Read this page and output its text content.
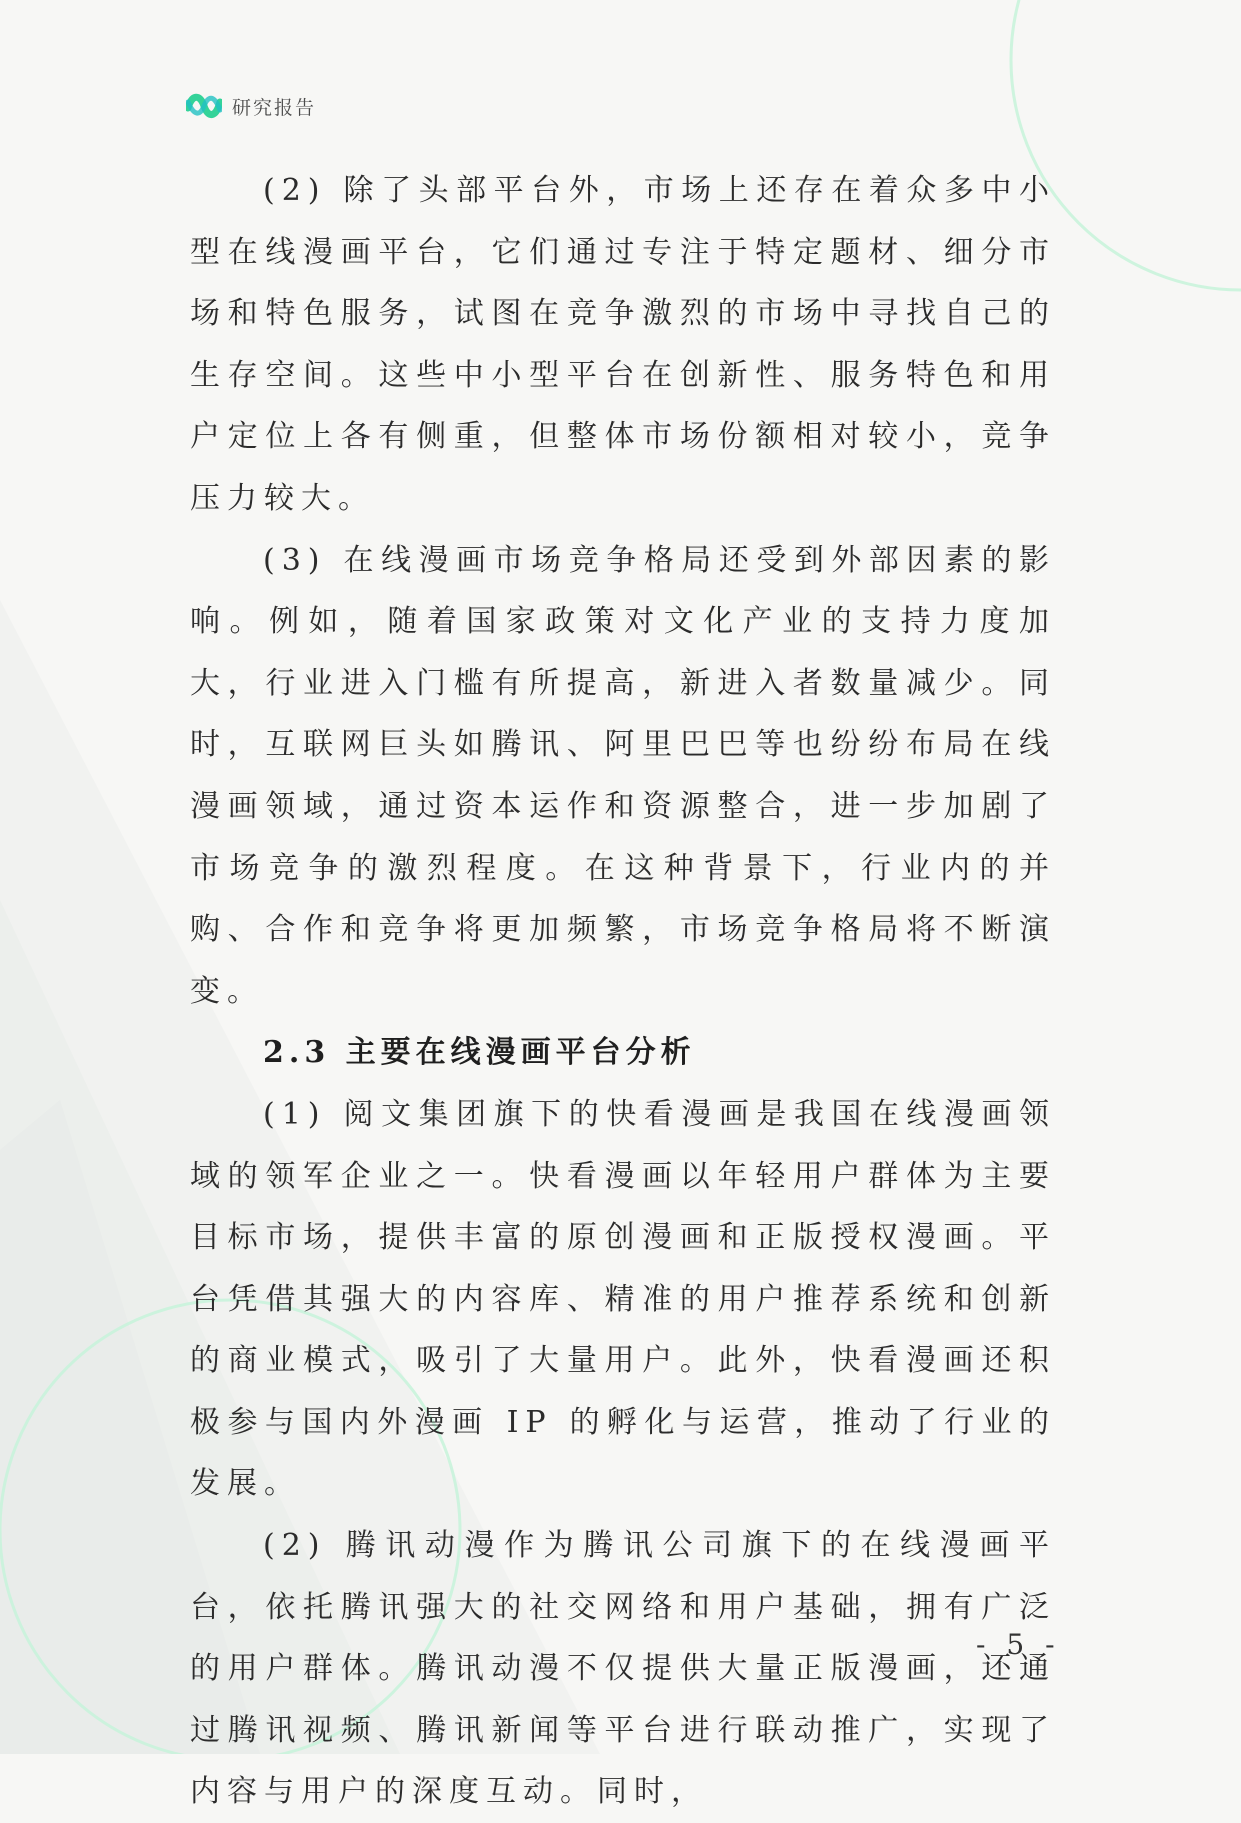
研究报告

(2) 除了头部平台外，市场上还存在着众多中小型在线漫画平台，它们通过专注于特定题材、细分市场和特色服务，试图在竞争激烈的市场中寻找自己的生存空间。这些中小型平台在创新性、服务特色和用户定位上各有侧重，但整体市场份额相对较小，竞争压力较大。

(3) 在线漫画市场竞争格局还受到外部因素的影响。例如，随着国家政策对文化产业的支持力度加大，行业进入门槛有所提高，新进入者数量减少。同时，互联网巨头如腾讯、阿里巴巴等也纷纷布局在线漫画领域，通过资本运作和资源整合，进一步加剧了市场竞争的激烈程度。在这种背景下，行业内的并购、合作和竞争将更加频繁，市场竞争格局将不断演变。

2.3 主要在线漫画平台分析

(1) 阅文集团旗下的快看漫画是我国在线漫画领域的领军企业之一。快看漫画以年轻用户群体为主要目标市场，提供丰富的原创漫画和正版授权漫画。平台凭借其强大的内容库、精准的用户推荐系统和创新的商业模式，吸引了大量用户。此外，快看漫画还积极参与国内外漫画 IP 的孵化与运营，推动了行业的发展。

(2) 腾讯动漫作为腾讯公司旗下的在线漫画平台，依托腾讯强大的社交网络和用户基础，拥有广泛的用户群体。腾讯动漫不仅提供大量正版漫画，还通过腾讯视频、腾讯新闻等平台进行联动推广，实现了内容与用户的深度互动。同时，

- 5 -
